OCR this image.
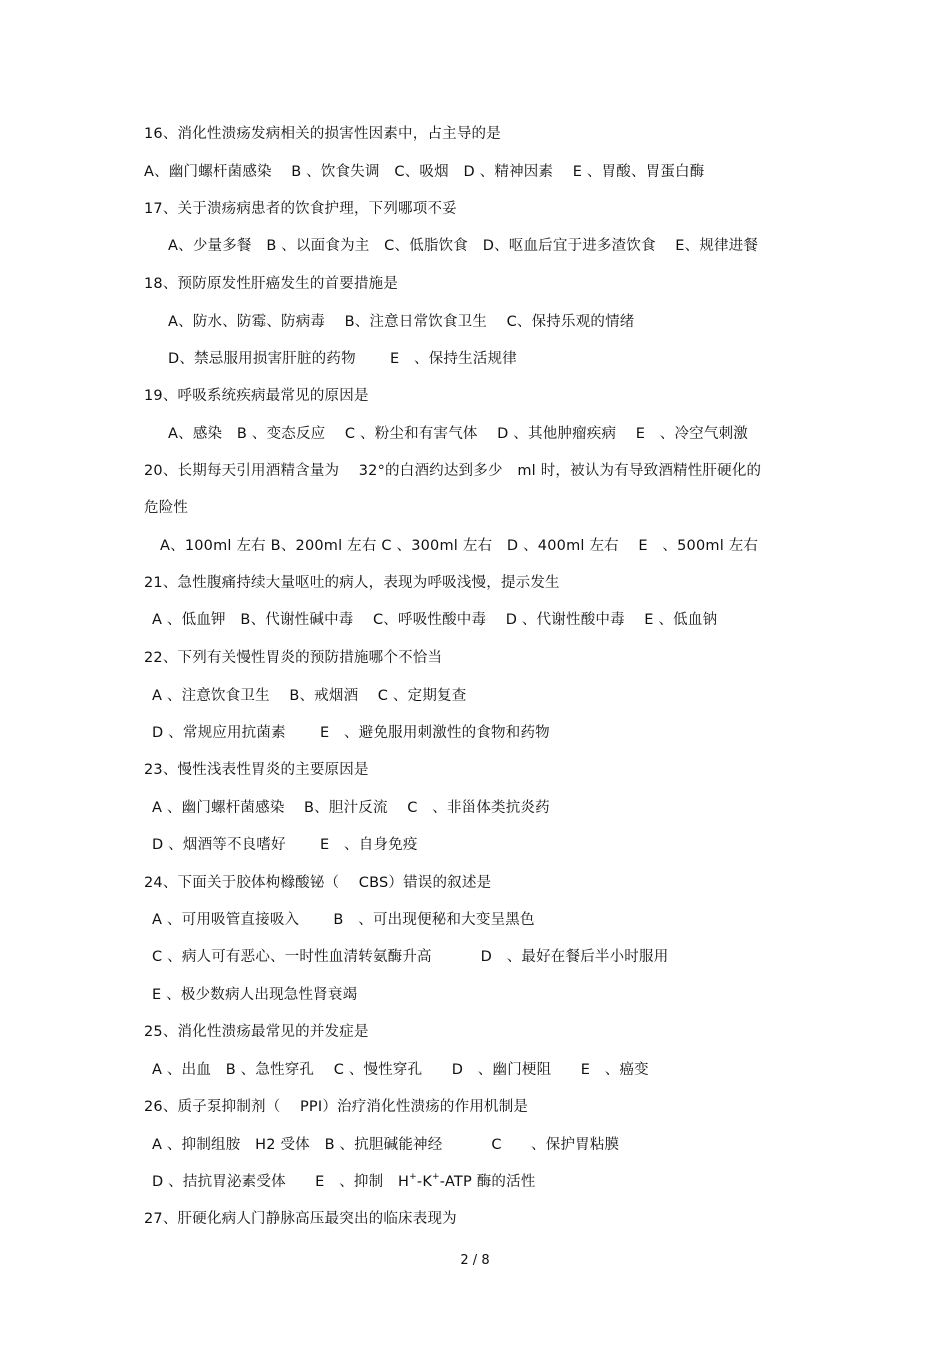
16、消化性溃疡发病相关的损害性因素中，占主导的是
A、幽门螺杆菌感染　 B 、饮食失调　C、吸烟　D 、精神因素　 E 、胃酸、胃蛋白酶
17、关于溃疡病患者的饮食护理，下列哪项不妥
A、少量多餐　B 、以面食为主　C、低脂饮食　D、呕血后宜于进多渣饮食　 E、规律进餐
18、预防原发性肝癌发生的首要措施是
A、防水、防霉、防病毒　 B、注意日常饮食卫生　 C、保持乐观的情绪
D、禁忌服用损害肝脏的药物　　 E　、保持生活规律
19、呼吸系统疾病最常见的原因是
A、感染　B 、变态反应　 C 、粉尘和有害气体　 D 、其他肿瘤疾病　 E　、冷空气刺激
20、长期每天引用酒精含量为　 32°的白酒约达到多少　ml 时，被认为有导致酒精性肝硬化的
危险性
A、100ml 左右 B、200ml 左右 C 、300ml 左右　D 、400ml 左右　 E　、500ml 左右
21、急性腹痛持续大量呕吐的病人，表现为呼吸浅慢，提示发生
A 、低血钾　B、代谢性碱中毒　 C、呼吸性酸中毒　 D 、代谢性酸中毒　 E 、低血钠
22、下列有关慢性胃炎的预防措施哪个不恰当
A 、注意饮食卫生　 B、戒烟酒　 C 、定期复查
D 、常规应用抗菌素　　 E　、避免服用刺激性的食物和药物
23、慢性浅表性胃炎的主要原因是
A 、幽门螺杆菌感染　 B、胆汁反流　 C　、非甾体类抗炎药
D 、烟酒等不良嗜好　　 E　、自身免疫
24、下面关于胶体枸橼酸铋（　 CBS）错误的叙述是
A 、可用吸管直接吸入　　 B　、可出现便秘和大变呈黑色
C 、病人可有恶心、一时性血清转氨酶升高　　　 D　、最好在餐后半小时服用
E 、极少数病人出现急性肾衰竭
25、消化性溃疡最常见的并发症是
A 、出血　B 、急性穿孔　 C 、慢性穿孔　　D　、幽门梗阻　　E　、癌变
26、质子泵抑制剂（　 PPI）治疗消化性溃疡的作用机制是
A 、抑制组胺　H2 受体　B 、抗胆碱能神经　　　 C　　、保护胃粘膜
D 、拮抗胃泌素受体　　E　、抑制　H+-K+-ATP 酶的活性
27、肝硬化病人门静脉高压最突出的临床表现为
2 / 8
